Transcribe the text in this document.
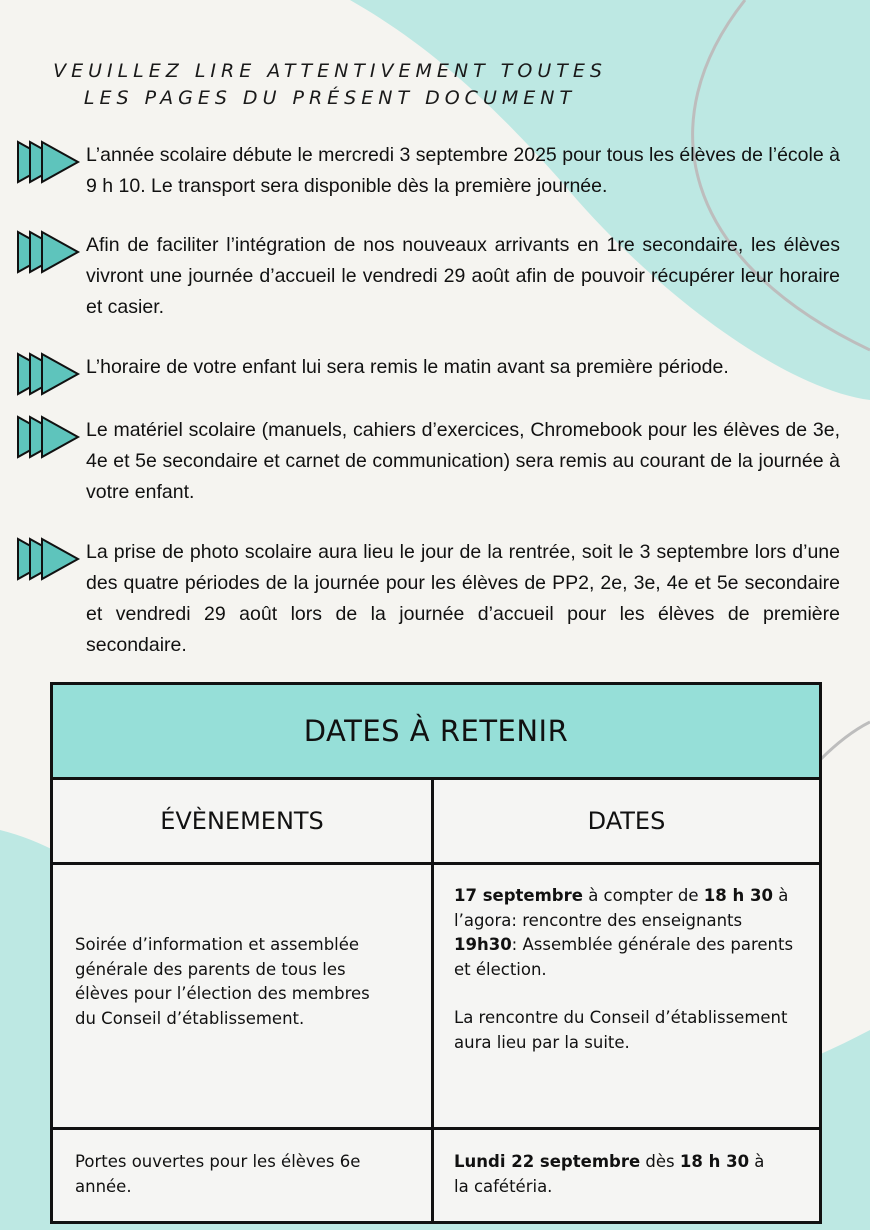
VEUILLEZ LIRE ATTENTIVEMENT TOUTES
LES PAGES DU PRÉSENT DOCUMENT

L’année scolaire débute le mercredi 3 septembre 2025 pour tous les élèves de l’école à 9 h 10. Le transport sera disponible dès la première journée.

Afin de faciliter l’intégration de nos nouveaux arrivants en 1re secondaire, les élèves vivront une journée d’accueil le vendredi 29 août afin de pouvoir récupérer leur horaire et casier.

L’horaire de votre enfant lui sera remis le matin avant sa première période.

Le matériel scolaire (manuels, cahiers d’exercices, Chromebook pour les élèves de 3e, 4e et 5e secondaire et carnet de communication) sera remis au courant de la journée à votre enfant.

La prise de photo scolaire aura lieu le jour de la rentrée, soit le 3 septembre lors d’une des quatre périodes de la journée pour les élèves de PP2, 2e, 3e, 4e et 5e secondaire et vendredi 29 août lors de la journée d’accueil pour les élèves de première secondaire.

DATES À RETENIR
ÉVÈNEMENTS	DATES
Soirée d’information et assemblée générale des parents de tous les élèves pour l’élection des membres du Conseil d’établissement.
17 septembre à compter de 18 h 30 à l’agora: rencontre des enseignants
19h30: Assemblée générale des parents et élection.
La rencontre du Conseil d’établissement aura lieu par la suite.
Portes ouvertes pour les élèves 6e année.
Lundi 22 septembre dès 18 h 30 à la cafétéria.
